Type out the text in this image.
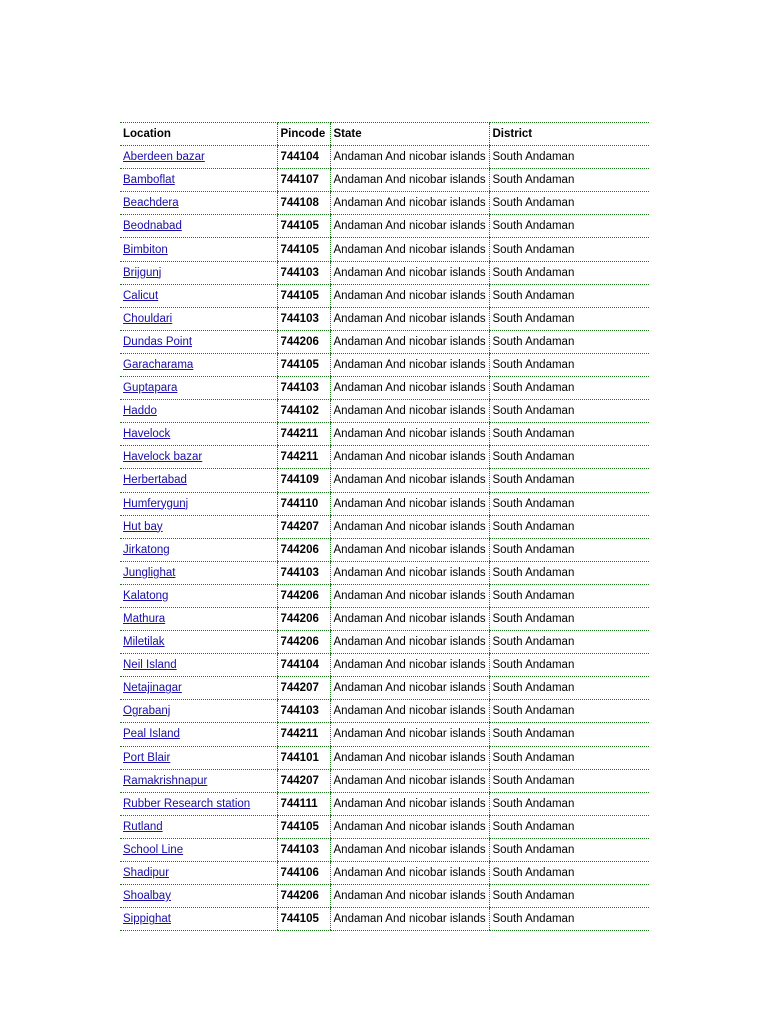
Location	Pincode	State	District
Aberdeen bazar	744104	Andaman And nicobar islands	South Andaman
Bamboflat	744107	Andaman And nicobar islands	South Andaman
Beachdera	744108	Andaman And nicobar islands	South Andaman
Beodnabad	744105	Andaman And nicobar islands	South Andaman
Bimbiton	744105	Andaman And nicobar islands	South Andaman
Brijgunj	744103	Andaman And nicobar islands	South Andaman
Calicut	744105	Andaman And nicobar islands	South Andaman
Chouldari	744103	Andaman And nicobar islands	South Andaman
Dundas Point	744206	Andaman And nicobar islands	South Andaman
Garacharama	744105	Andaman And nicobar islands	South Andaman
Guptapara	744103	Andaman And nicobar islands	South Andaman
Haddo	744102	Andaman And nicobar islands	South Andaman
Havelock	744211	Andaman And nicobar islands	South Andaman
Havelock bazar	744211	Andaman And nicobar islands	South Andaman
Herbertabad	744109	Andaman And nicobar islands	South Andaman
Humferygunj	744110	Andaman And nicobar islands	South Andaman
Hut bay	744207	Andaman And nicobar islands	South Andaman
Jirkatong	744206	Andaman And nicobar islands	South Andaman
Junglighat	744103	Andaman And nicobar islands	South Andaman
Kalatong	744206	Andaman And nicobar islands	South Andaman
Mathura	744206	Andaman And nicobar islands	South Andaman
Miletilak	744206	Andaman And nicobar islands	South Andaman
Neil Island	744104	Andaman And nicobar islands	South Andaman
Netajinagar	744207	Andaman And nicobar islands	South Andaman
Ograbanj	744103	Andaman And nicobar islands	South Andaman
Peal Island	744211	Andaman And nicobar islands	South Andaman
Port Blair	744101	Andaman And nicobar islands	South Andaman
Ramakrishnapur	744207	Andaman And nicobar islands	South Andaman
Rubber Research station	744111	Andaman And nicobar islands	South Andaman
Rutland	744105	Andaman And nicobar islands	South Andaman
School Line	744103	Andaman And nicobar islands	South Andaman
Shadipur	744106	Andaman And nicobar islands	South Andaman
Shoalbay	744206	Andaman And nicobar islands	South Andaman
Sippighat	744105	Andaman And nicobar islands	South Andaman
